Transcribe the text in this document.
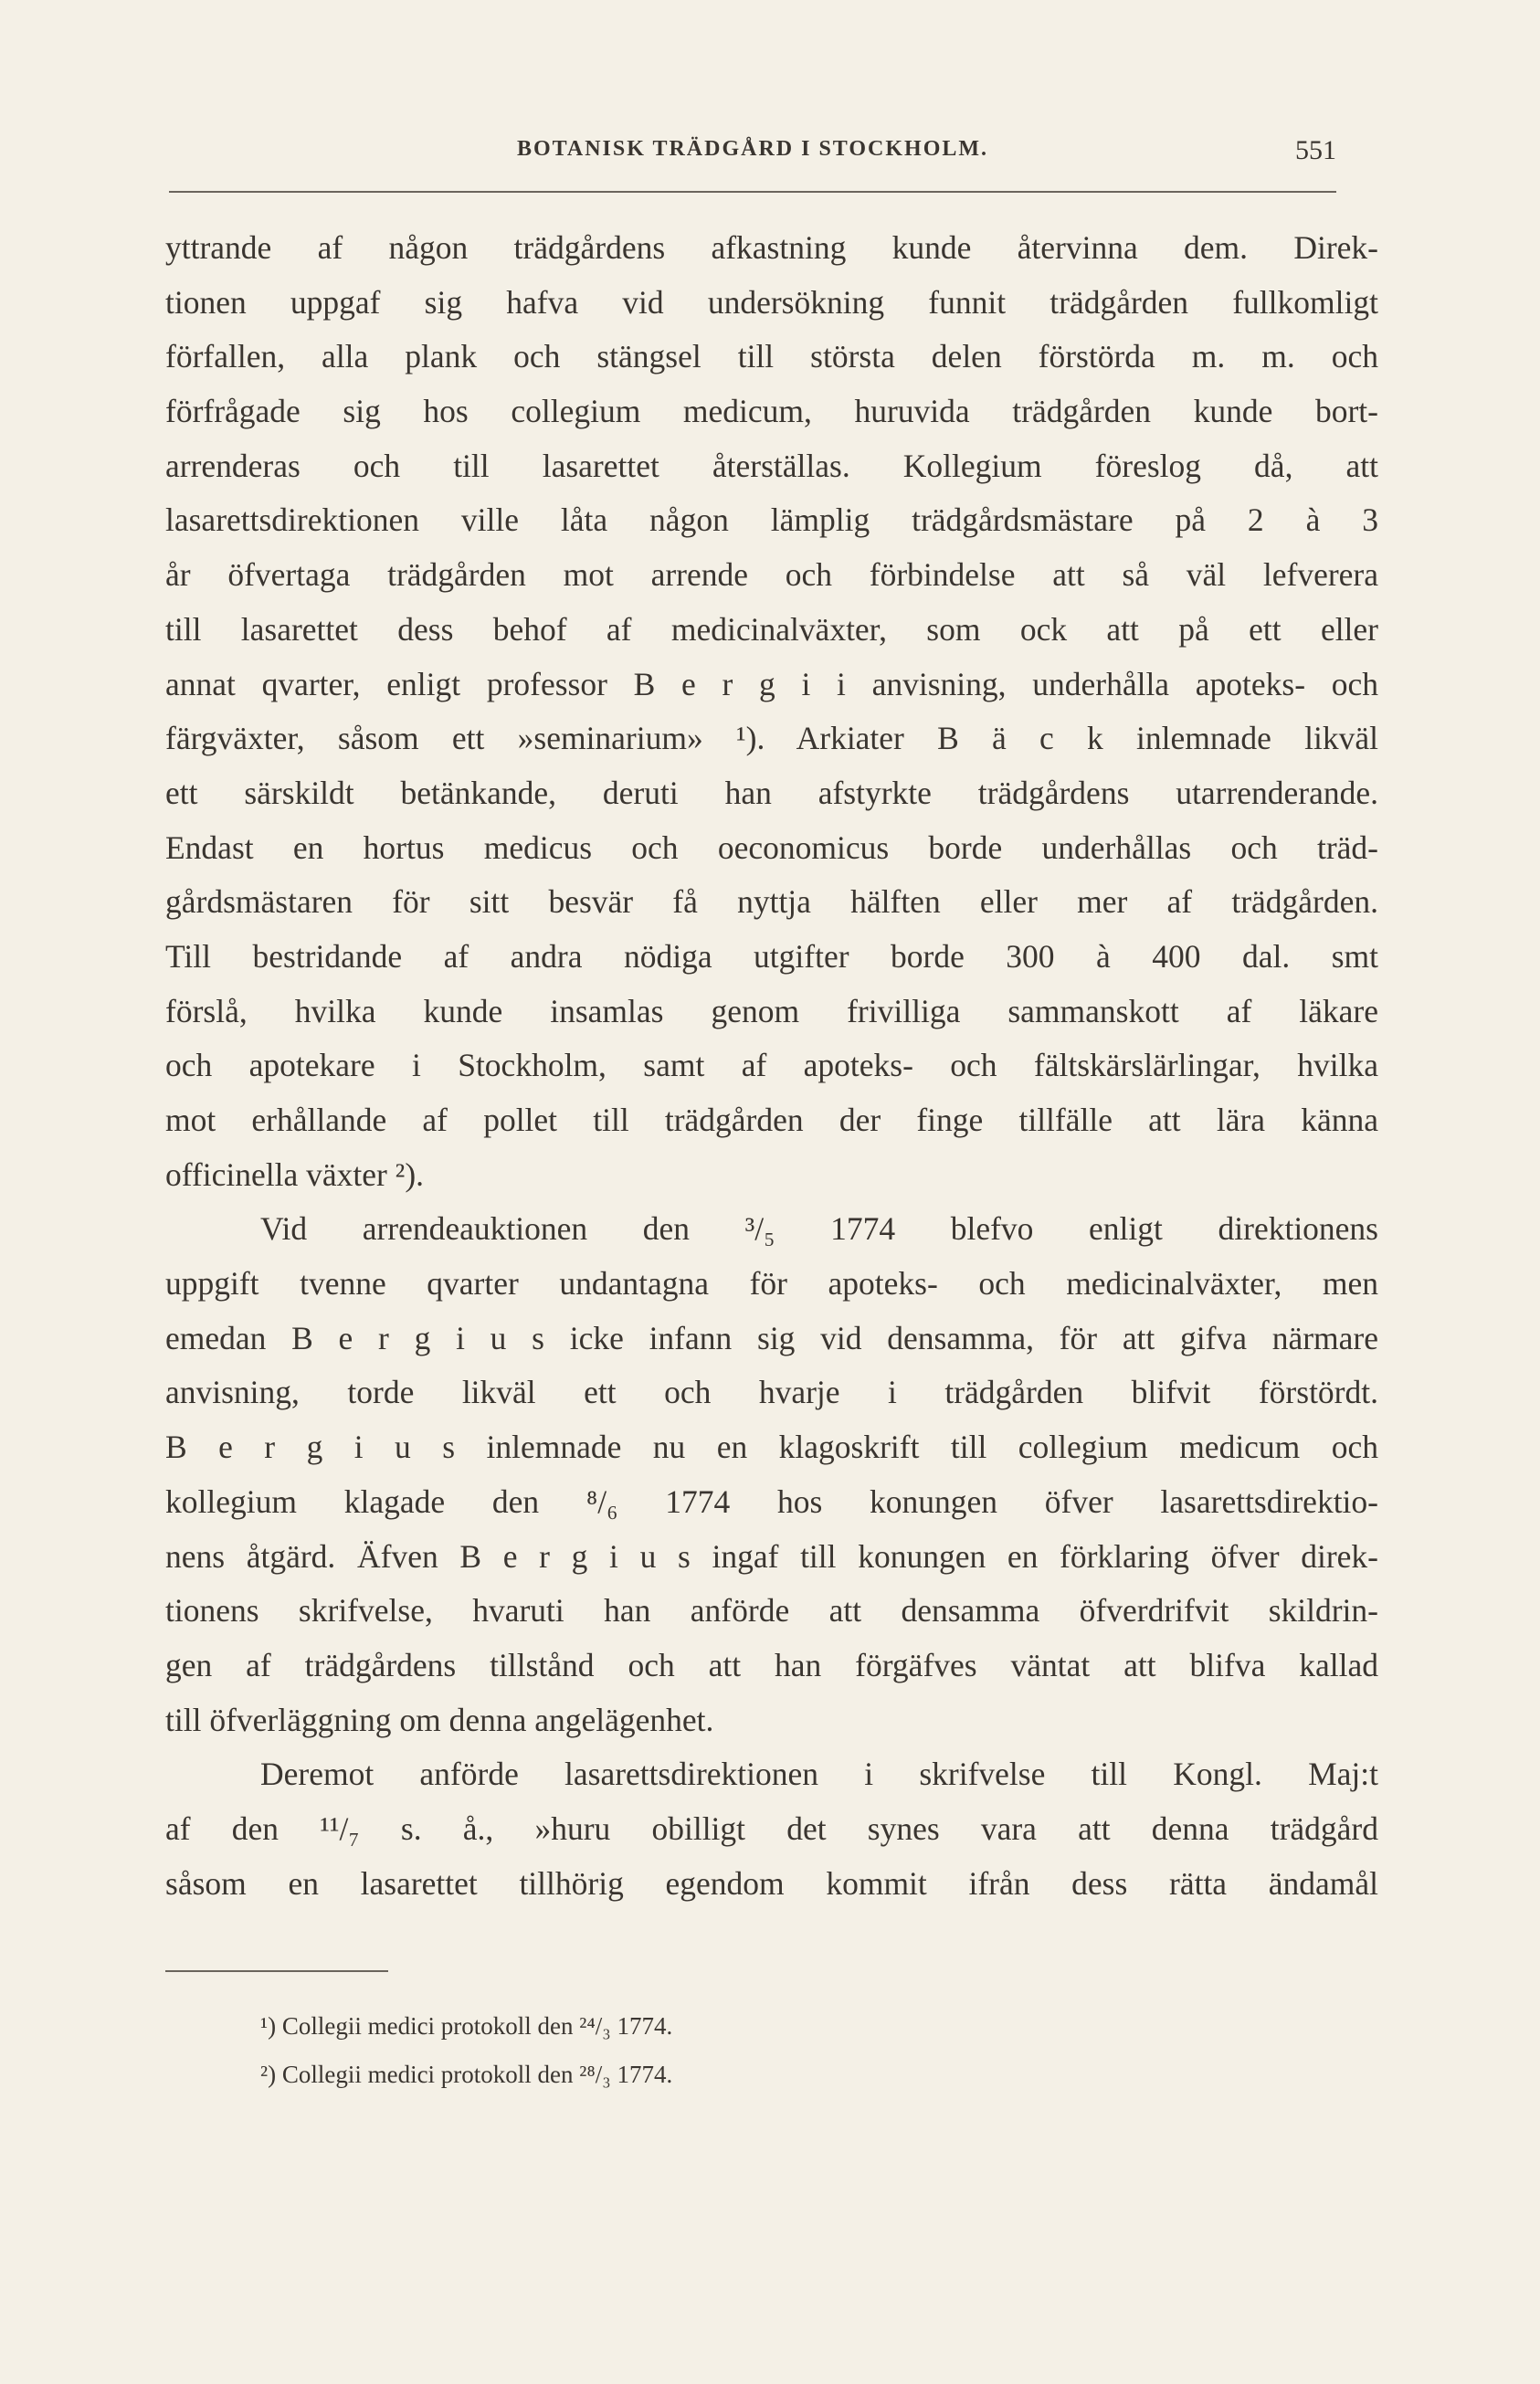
BOTANISK TRÄDGÅRD I STOCKHOLM.	551
yttrande af någon trädgårdens afkastning kunde återvinna dem. Direk-
tionen uppgaf sig hafva vid undersökning funnit trädgården fullkomligt
förfallen, alla plank och stängsel till största delen förstörda m. m. och
förfrågade sig hos collegium medicum, huruvida trädgården kunde bort-
arrenderas och till lasarettet återställas. Kollegium föreslog då, att
lasarettsdirektionen ville låta någon lämplig trädgårdsmästare på 2 à 3
år öfvertaga trädgården mot arrende och förbindelse att så väl lefverera
till lasarettet dess behof af medicinalväxter, som ock att på ett eller
annat qvarter, enligt professor B e r g i i anvisning, underhålla apoteks- och
färgväxter, såsom ett »seminarium» ¹). Arkiater B ä c k inlemnade likväl
ett särskildt betänkande, deruti han afstyrkte trädgårdens utarrenderande.
Endast en hortus medicus och oeconomicus borde underhållas och träd-
gårdsmästaren för sitt besvär få nyttja hälften eller mer af trädgården.
Till bestridande af andra nödiga utgifter borde 300 à 400 dal. smt
förslå, hvilka kunde insamlas genom frivilliga sammanskott af läkare
och apotekare i Stockholm, samt af apoteks- och fältskärslärlingar, hvilka
mot erhållande af pollet till trädgården der finge tillfälle att lära känna
officinella växter ²).
Vid arrendeauktionen den ³/₅ 1774 blefvo enligt direktionens
uppgift tvenne qvarter undantagna för apoteks- och medicinalväxter, men
emedan B e r g i u s icke infann sig vid densamma, för att gifva närmare
anvisning, torde likväl ett och hvarje i trädgården blifvit förstördt.
B e r g i u s inlemnade nu en klagoskrift till collegium medicum och
kollegium klagade den ⁸/₆ 1774 hos konungen öfver lasarettsdirektio-
nens åtgärd. Äfven B e r g i u s ingaf till konungen en förklaring öfver direk-
tionens skrifvelse, hvaruti han anförde att densamma öfverdrifvit skildrin-
gen af trädgårdens tillstånd och att han förgäfves väntat att blifva kallad
till öfverläggning om denna angelägenhet.
Deremot anförde lasarettsdirektionen i skrifvelse till Kongl. Maj:t
af den ¹¹/₇ s. å., »huru obilligt det synes vara att denna trädgård
såsom en lasarettet tillhörig egendom kommit ifrån dess rätta ändamål
¹) Collegii medici protokoll den ²⁴/₃ 1774.
²) Collegii medici protokoll den ²⁸/₃ 1774.
